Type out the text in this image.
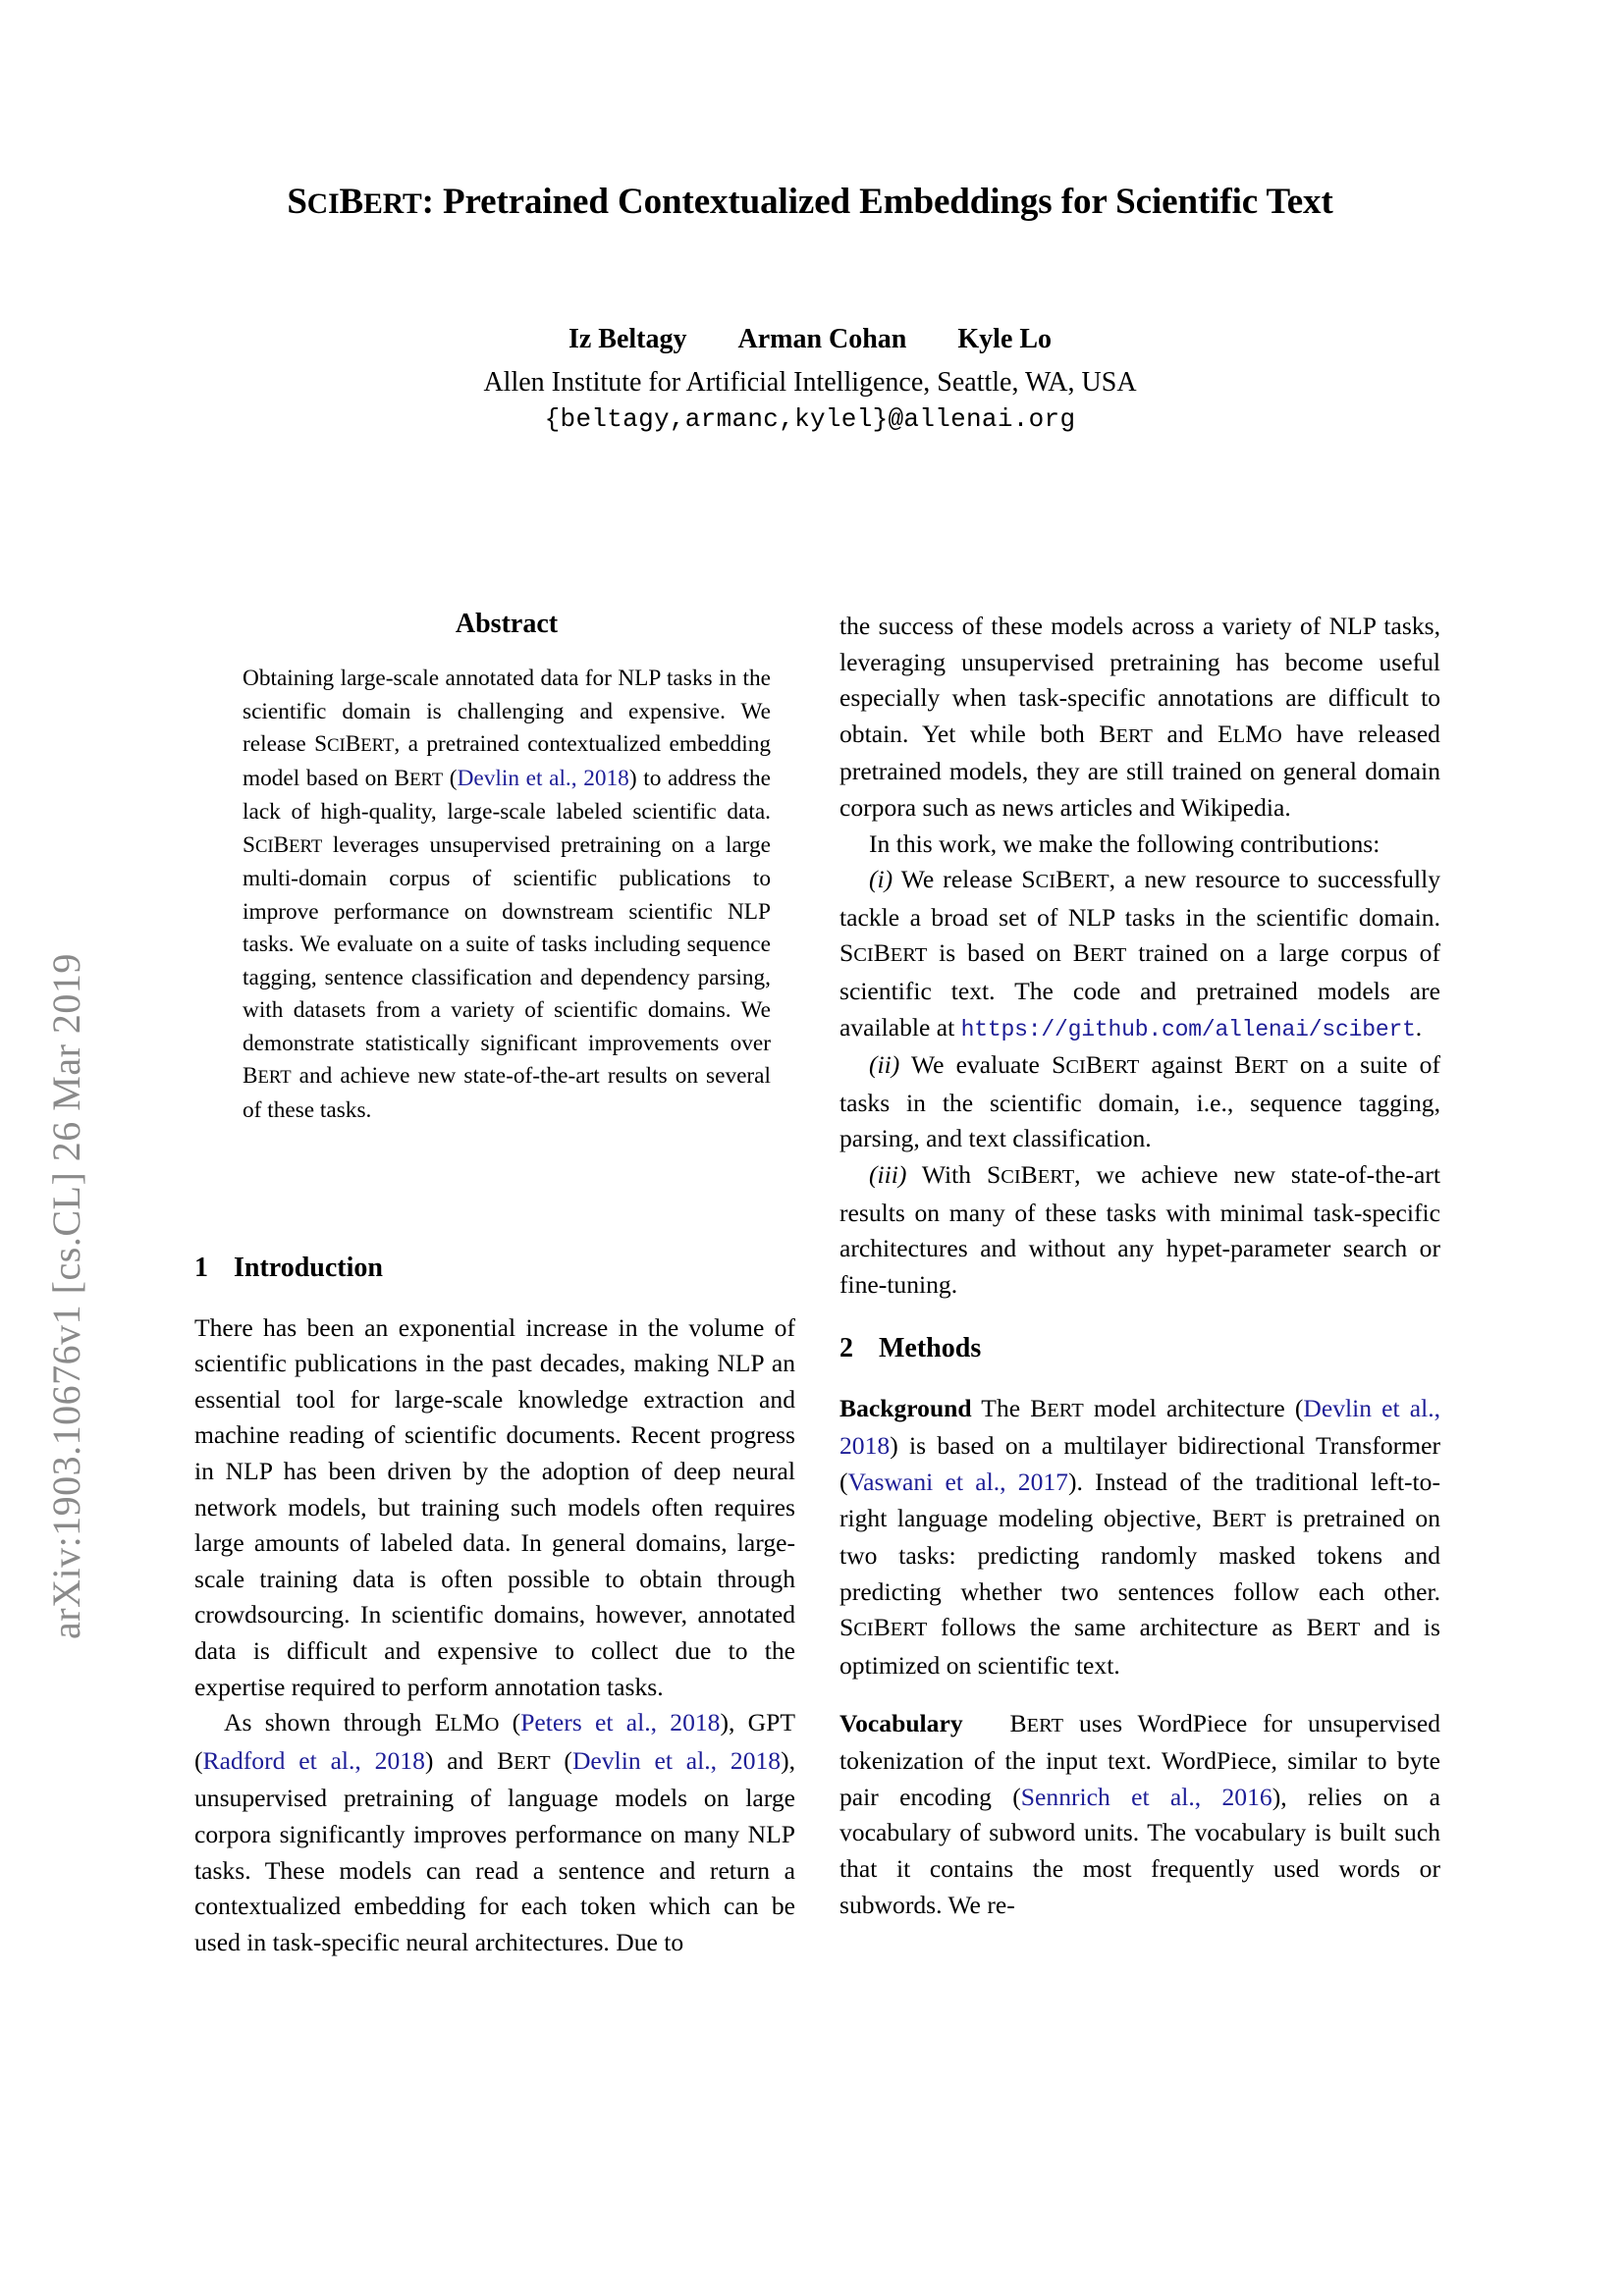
arXiv:1903.10676v1 [cs.CL] 26 Mar 2019
SCIBERT: Pretrained Contextualized Embeddings for Scientific Text
Iz Beltagy Arman Cohan Kyle Lo
Allen Institute for Artificial Intelligence, Seattle, WA, USA
{beltagy,armanc,kylel}@allenai.org
Abstract

Obtaining large-scale annotated data for NLP tasks in the scientific domain is challenging and expensive. We release SCIBERT, a pretrained contextualized embedding model based on BERT (Devlin et al., 2018) to address the lack of high-quality, large-scale labeled scientific data. SCIBERT leverages unsupervised pretraining on a large multi-domain corpus of scientific publications to improve performance on downstream scientific NLP tasks. We evaluate on a suite of tasks including sequence tagging, sentence classification and dependency parsing, with datasets from a variety of scientific domains. We demonstrate statistically significant improvements over BERT and achieve new state-of-the-art results on several of these tasks.

1 Introduction

There has been an exponential increase in the volume of scientific publications in the past decades, making NLP an essential tool for large-scale knowledge extraction and machine reading of scientific documents. Recent progress in NLP has been driven by the adoption of deep neural network models, but training such models often requires large amounts of labeled data. In general domains, large-scale training data is often possible to obtain through crowdsourcing. In scientific domains, however, annotated data is difficult and expensive to collect due to the expertise required to perform annotation tasks.

As shown through ELMO (Peters et al., 2018), GPT (Radford et al., 2018) and BERT (Devlin et al., 2018), unsupervised pretraining of language models on large corpora significantly improves performance on many NLP tasks. These models can read a sentence and return a contextualized embedding for each token which can be used in task-specific neural architectures. Due to

the success of these models across a variety of NLP tasks, leveraging unsupervised pretraining has become useful especially when task-specific annotations are difficult to obtain. Yet while both BERT and ELMO have released pretrained models, they are still trained on general domain corpora such as news articles and Wikipedia.

In this work, we make the following contributions:

(i) We release SCIBERT, a new resource to successfully tackle a broad set of NLP tasks in the scientific domain. SCIBERT is based on BERT trained on a large corpus of scientific text. The code and pretrained models are available at https://github.com/allenai/scibert.

(ii) We evaluate SCIBERT against BERT on a suite of tasks in the scientific domain, i.e., sequence tagging, parsing, and text classification.

(iii) With SCIBERT, we achieve new state-of-the-art results on many of these tasks with minimal task-specific architectures and without any hypet-parameter search or fine-tuning.

2 Methods

Background The BERT model architecture (Devlin et al., 2018) is based on a multilayer bidirectional Transformer (Vaswani et al., 2017). Instead of the traditional left-to-right language modeling objective, BERT is pretrained on two tasks: predicting randomly masked tokens and predicting whether two sentences follow each other. SCIBERT follows the same architecture as BERT and is optimized on scientific text.

Vocabulary BERT uses WordPiece for unsupervised tokenization of the input text. WordPiece, similar to byte pair encoding (Sennrich et al., 2016), relies on a vocabulary of subword units. The vocabulary is built such that it contains the most frequently used words or subwords. We re-
